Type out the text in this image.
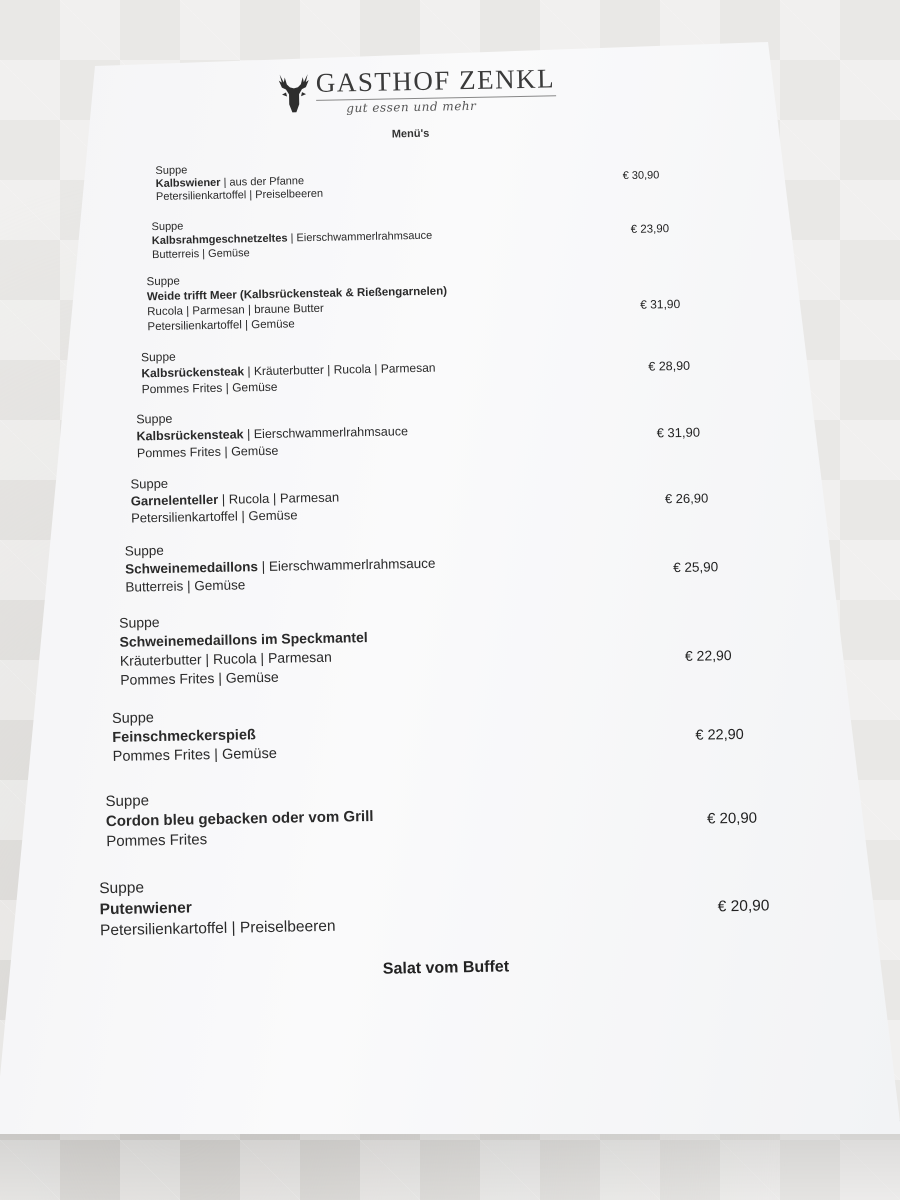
GASTHOF ZENKL
gut essen und mehr
Menü's
Suppe
Kalbswiener | aus der Pfanne
Petersilienkartoffel | Preiselbeeren
€ 30,90
Suppe
Kalbsrahmgeschnetzeltes | Eierschwammerlrahmsauce
Butterreis | Gemüse
€ 23,90
Suppe
Weide trifft Meer (Kalbsrückensteak & Rießengarnelen)
Rucola | Parmesan | braune Butter
Petersilienkartoffel | Gemüse
€ 31,90
Suppe
Kalbsrückensteak | Kräuterbutter | Rucola | Parmesan
Pommes Frites | Gemüse
€ 28,90
Suppe
Kalbsrückensteak | Eierschwammerlrahmsauce
Pommes Frites | Gemüse
€ 31,90
Suppe
Garnelenteller | Rucola | Parmesan
Petersilienkartoffel | Gemüse
€ 26,90
Suppe
Schweinemedaillons | Eierschwammerlrahmsauce
Butterreis | Gemüse
€ 25,90
Suppe
Schweinemedaillons im Speckmantel
Kräuterbutter | Rucola | Parmesan
Pommes Frites | Gemüse
€ 22,90
Suppe
Feinschmeckerspieß
Pommes Frites | Gemüse
€ 22,90
Suppe
Cordon bleu gebacken oder vom Grill
Pommes Frites
€ 20,90
Suppe
Putenwiener
Petersilienkartoffel | Preiselbeeren
€ 20,90
Salat vom Buffet
